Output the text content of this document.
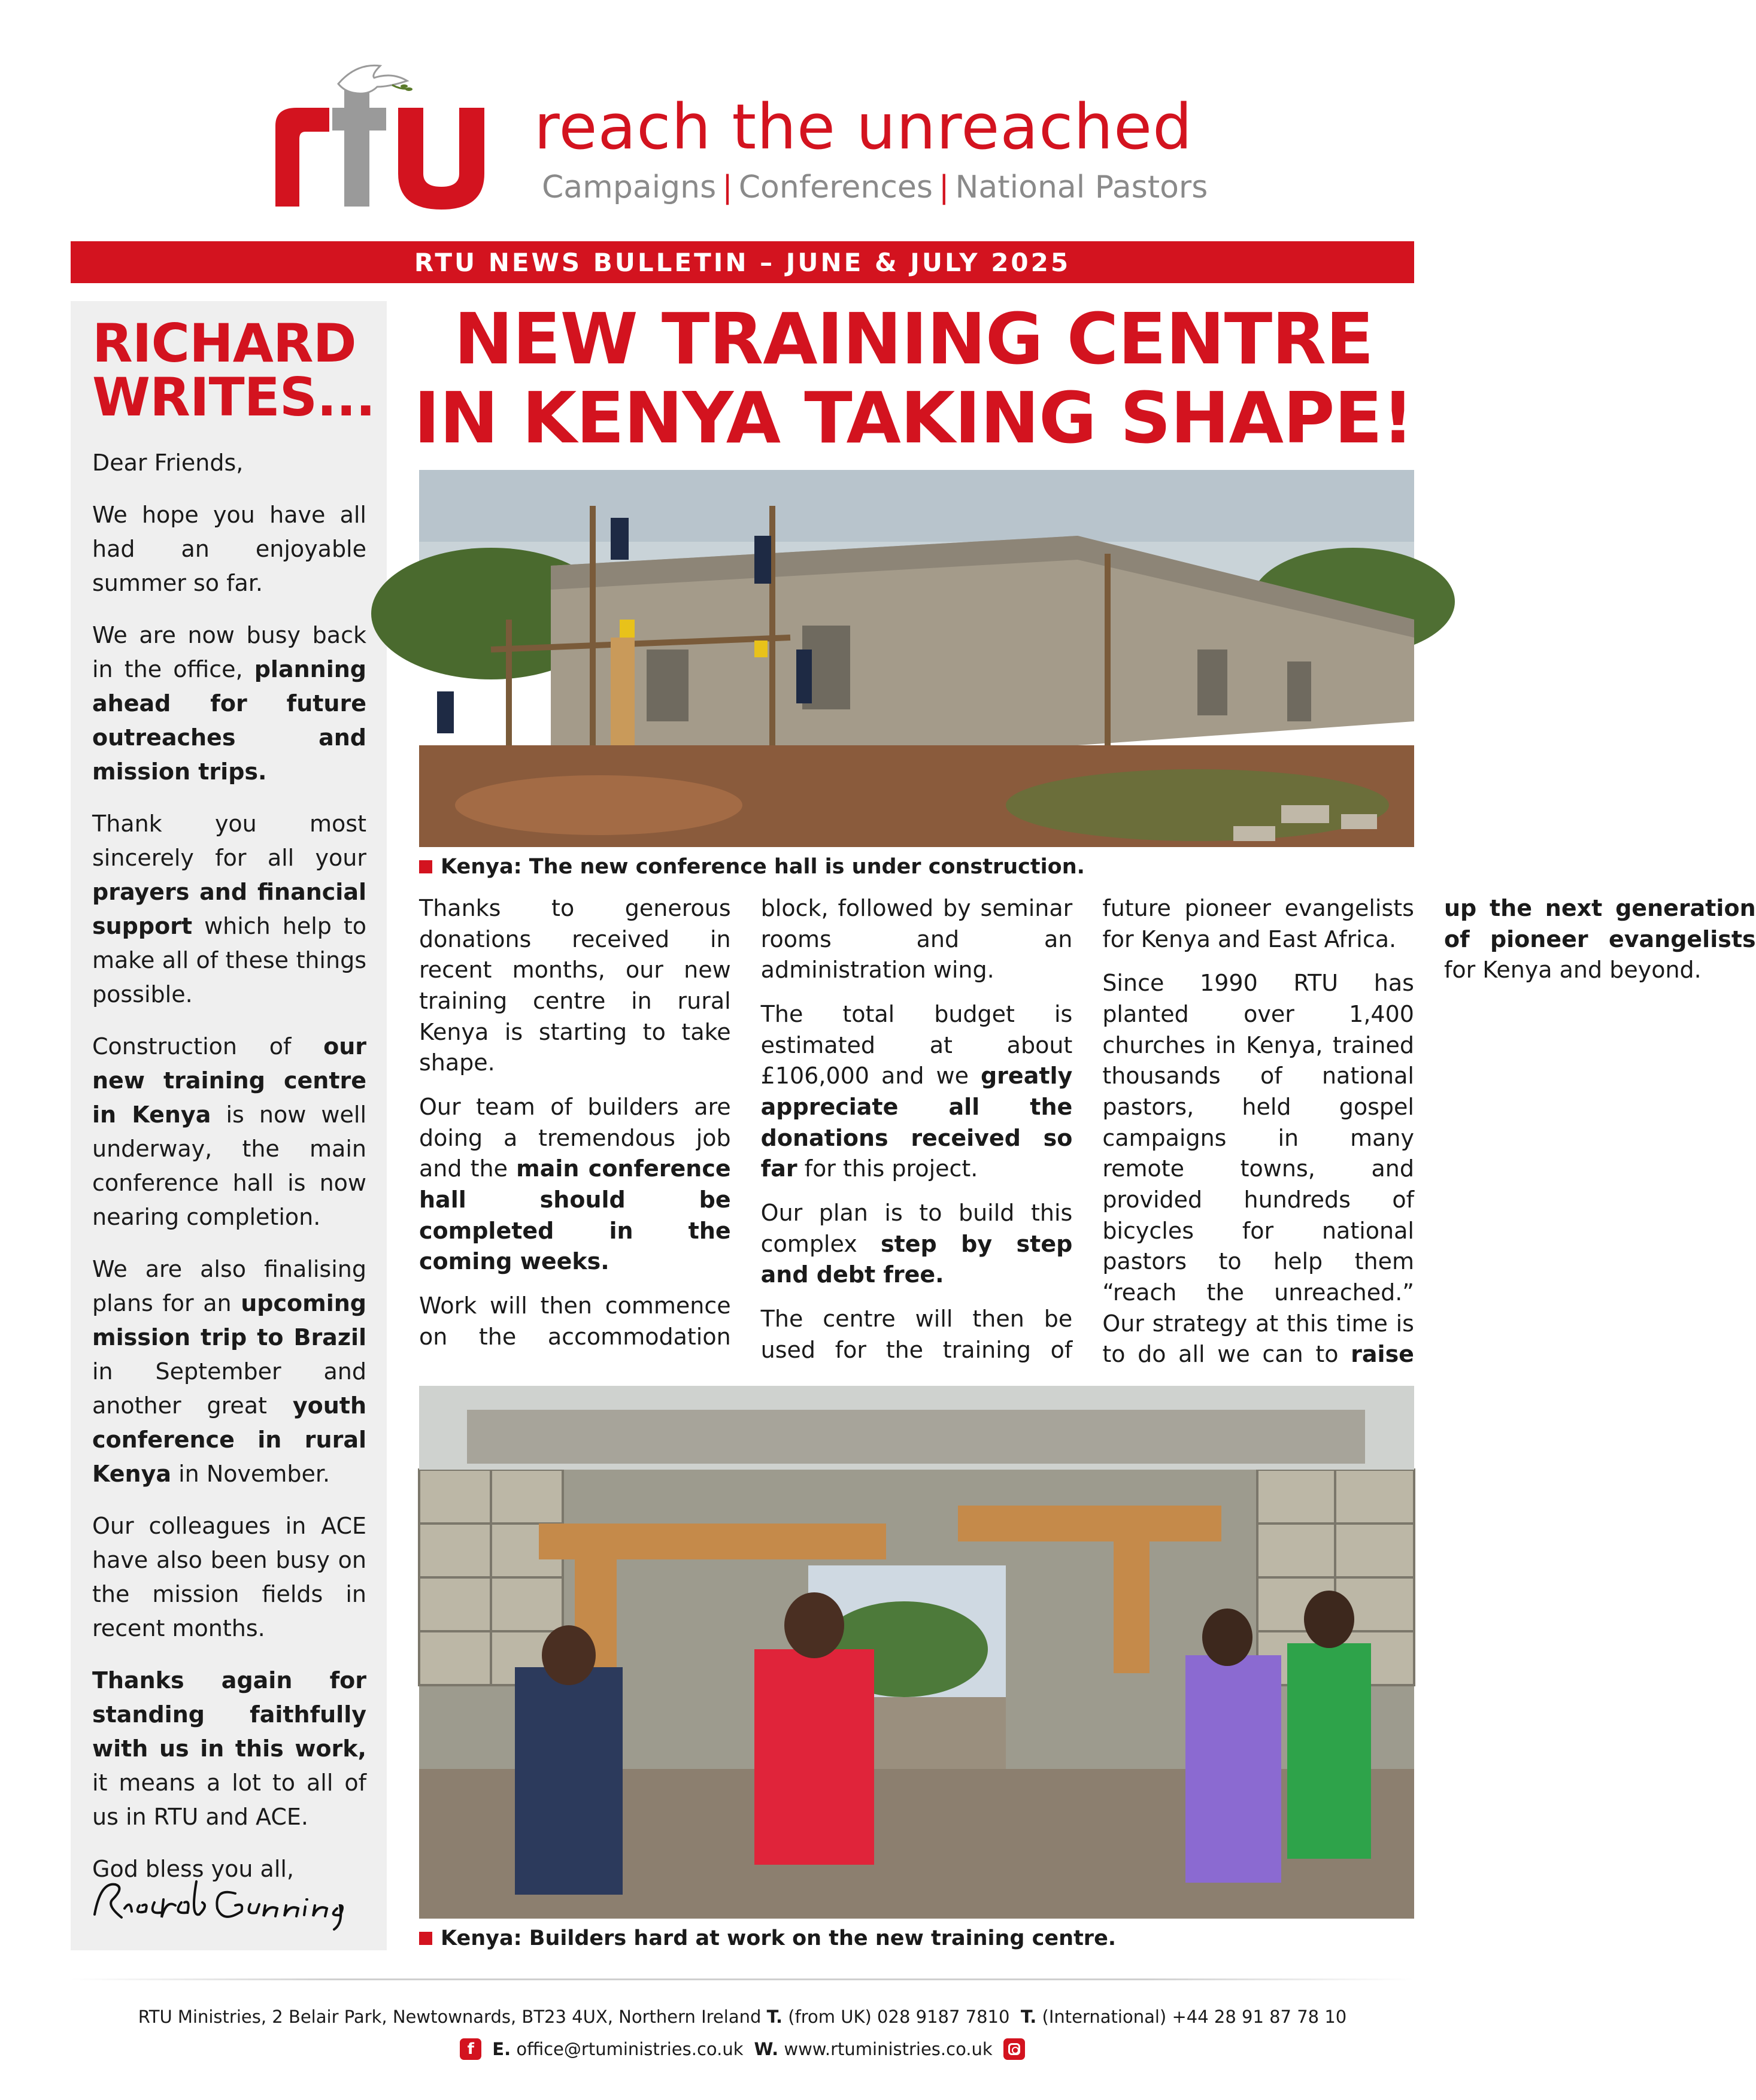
reach the unreached
Campaigns | Conferences | National Pastors
RTU NEWS BULLETIN – JUNE & JULY 2025
RICHARD
WRITES...

Dear Friends,

We hope you have all had an enjoyable summer so far.

We are now busy back in the office, planning ahead for future outreaches and mission trips.

Thank you most sincerely for all your prayers and financial support which help to make all of these things possible.

Construction of our new training centre in Kenya is now well underway, the main conference hall is now nearing completion.

We are also finalising plans for an upcoming mission trip to Brazil in September and another great youth conference in rural Kenya in November.

Our colleagues in ACE have also been busy on the mission fields in recent months.

Thanks again for standing faithfully with us in this work, it means a lot to all of us in RTU and ACE.

God bless you all,

NEW TRAINING CENTRE
IN KENYA TAKING SHAPE!
Kenya: The new conference hall is under construction.

Thanks to generous donations received in recent months, our new training centre in rural Kenya is starting to take shape.

Our team of builders are doing a tremendous job and the main conference hall should be completed in the coming weeks.

Work will then commence on the accommodation block, followed by seminar rooms and an administration wing.

The total budget is estimated at about £106,000 and we greatly appreciate all the donations received so far for this project.

Our plan is to build this complex step by step and debt free.

The centre will then be used for the training of future pioneer evangelists for Kenya and East Africa.

Since 1990 RTU has planted over 1,400 churches in Kenya, trained thousands of national pastors, held gospel campaigns in many remote towns, and provided hundreds of bicycles for national pastors to help them “reach the unreached.” Our strategy at this time is to do all we can to raise up the next generation of pioneer evangelists for Kenya and beyond.

Kenya: Builders hard at work on the new training centre.
RTU Ministries, 2 Belair Park, Newtownards, BT23 4UX, Northern Ireland T. (from UK) 028 9187 7810 T. (International) +44 28 91 87 78 10
f	E. office@rtuministries.co.uk W. www.rtuministries.co.uk
